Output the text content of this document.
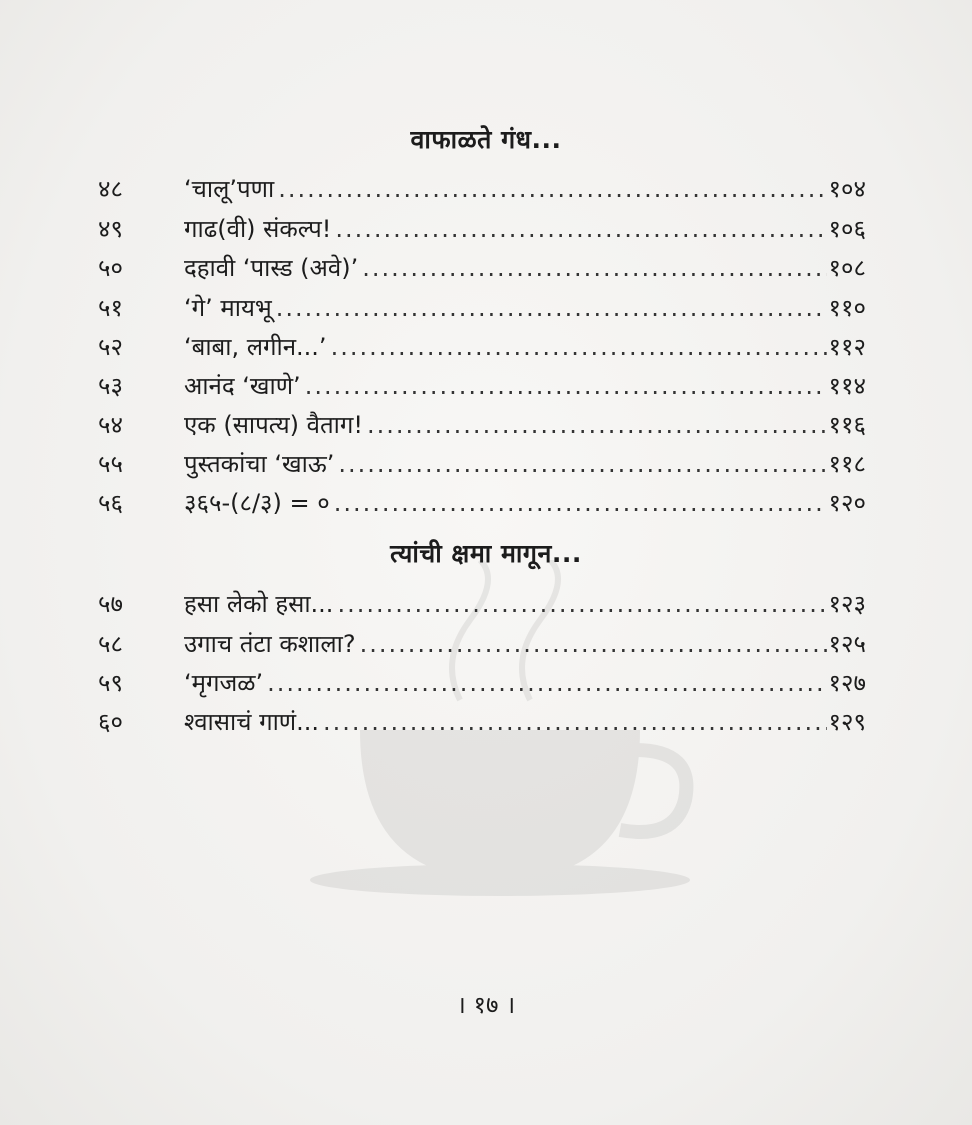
वाफाळते गंध...
४८	‘चालू’पणा .....	१०४
४९	गाढ(वी) संकल्प! .....	१०६
५०	दहावी ‘पास्ड (अवे)’ .....	१०८
५१	‘गे’ मायभू .....	११०
५२	‘बाबा, लगीन...’ .....	११२
५३	आनंद ‘खाणे’ .....	११४
५४	एक (सापत्य) वैताग! .....	११६
५५	पुस्तकांचा ‘खाऊ’ .....	११८
५६	३६५-(८/३) = ० .....	१२०
त्यांची क्षमा मागून...
५७	हसा लेको हसा... .....	१२३
५८	उगाच तंटा कशाला? .....	१२५
५९	‘मृगजळ’ .....	१२७
६०	श्वासाचं गाणं... .....	१२९
। १७ ।
